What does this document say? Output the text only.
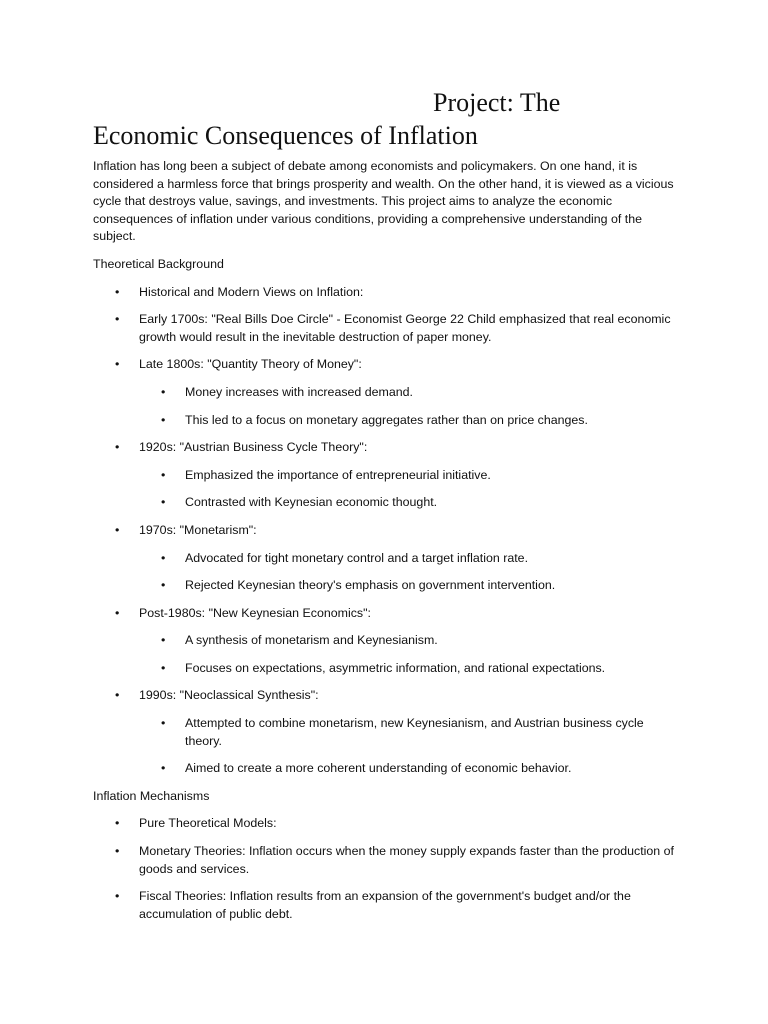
Project: The
Economic Consequences of Inflation

Inflation has long been a subject of debate among economists and policymakers. On one hand, it is considered a harmless force that brings prosperity and wealth. On the other hand, it is viewed as a vicious cycle that destroys value, savings, and investments. This project aims to analyze the economic consequences of inflation under various conditions, providing a comprehensive understanding of the subject.

Theoretical Background

• Historical and Modern Views on Inflation:
• Early 1700s: "Real Bills Doe Circle" - Economist George 22 Child emphasized that real economic growth would result in the inevitable destruction of paper money.
• Late 1800s: "Quantity Theory of Money":
• Money increases with increased demand.
• This led to a focus on monetary aggregates rather than on price changes.
• 1920s: "Austrian Business Cycle Theory":
• Emphasized the importance of entrepreneurial initiative.
• Contrasted with Keynesian economic thought.
• 1970s: "Monetarism":
• Advocated for tight monetary control and a target inflation rate.
• Rejected Keynesian theory's emphasis on government intervention.
• Post-1980s: "New Keynesian Economics":
• A synthesis of monetarism and Keynesianism.
• Focuses on expectations, asymmetric information, and rational expectations.
• 1990s: "Neoclassical Synthesis":
• Attempted to combine monetarism, new Keynesianism, and Austrian business cycle theory.
• Aimed to create a more coherent understanding of economic behavior.

Inflation Mechanisms

• Pure Theoretical Models:
• Monetary Theories: Inflation occurs when the money supply expands faster than the production of goods and services.
• Fiscal Theories: Inflation results from an expansion of the government's budget and/or the accumulation of public debt.
